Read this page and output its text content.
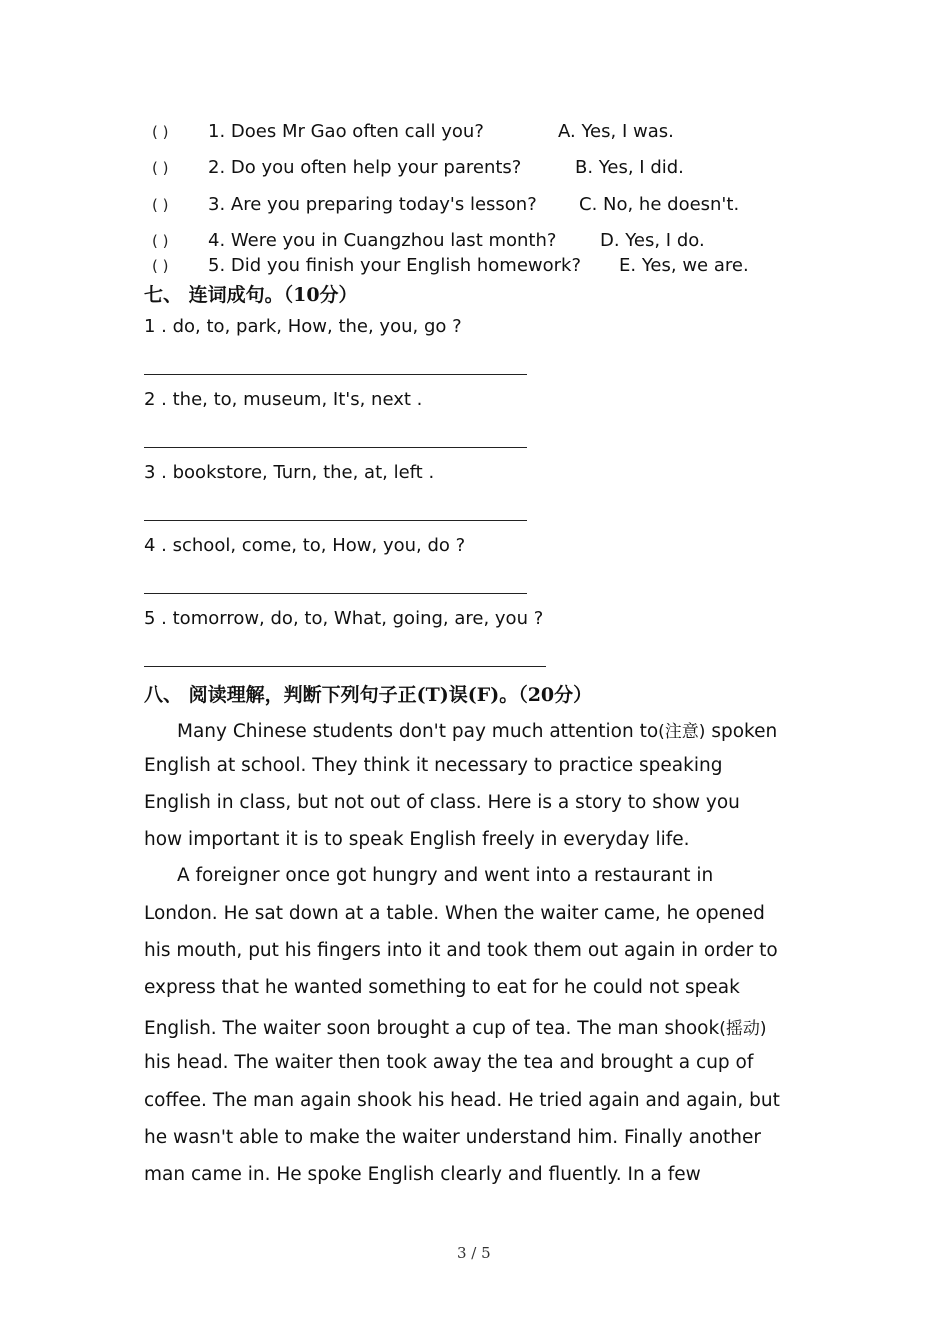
( ) 1. Does Mr Gao often call you?	A. Yes, I was.
( ) 2. Do you often help your parents?	B. Yes, I did.
( ) 3. Are you preparing today's lesson? C. No, he doesn't.
( ) 4. Were you in Cuangzhou last month? D. Yes, I do.
( ) 5. Did you finish your English homework? E. Yes, we are.
七、 连词成句。（10分）
1 . do, to, park, How, the, you, go ?
2 . the, to, museum, It's, next .
3 . bookstore, Turn, the, at, left .
4 . school, come, to, How, you, do ?
5 . tomorrow, do, to, What, going, are, you ?
八、 阅读理解，判断下列句子正(T)误(F)。（20分）
Many Chinese students don't pay much attention to(注意) spoken
English at school. They think it necessary to practice speaking
English in class, but not out of class. Here is a story to show you
how important it is to speak English freely in everyday life.
A foreigner once got hungry and went into a restaurant in
London. He sat down at a table. When the waiter came, he opened
his mouth, put his fingers into it and took them out again in order to
express that he wanted something to eat for he could not speak
English. The waiter soon brought a cup of tea. The man shook(摇动)
his head. The waiter then took away the tea and brought a cup of
coffee. The man again shook his head. He tried again and again, but
he wasn't able to make the waiter understand him. Finally another
man came in. He spoke English clearly and fluently. In a few
3 / 5
